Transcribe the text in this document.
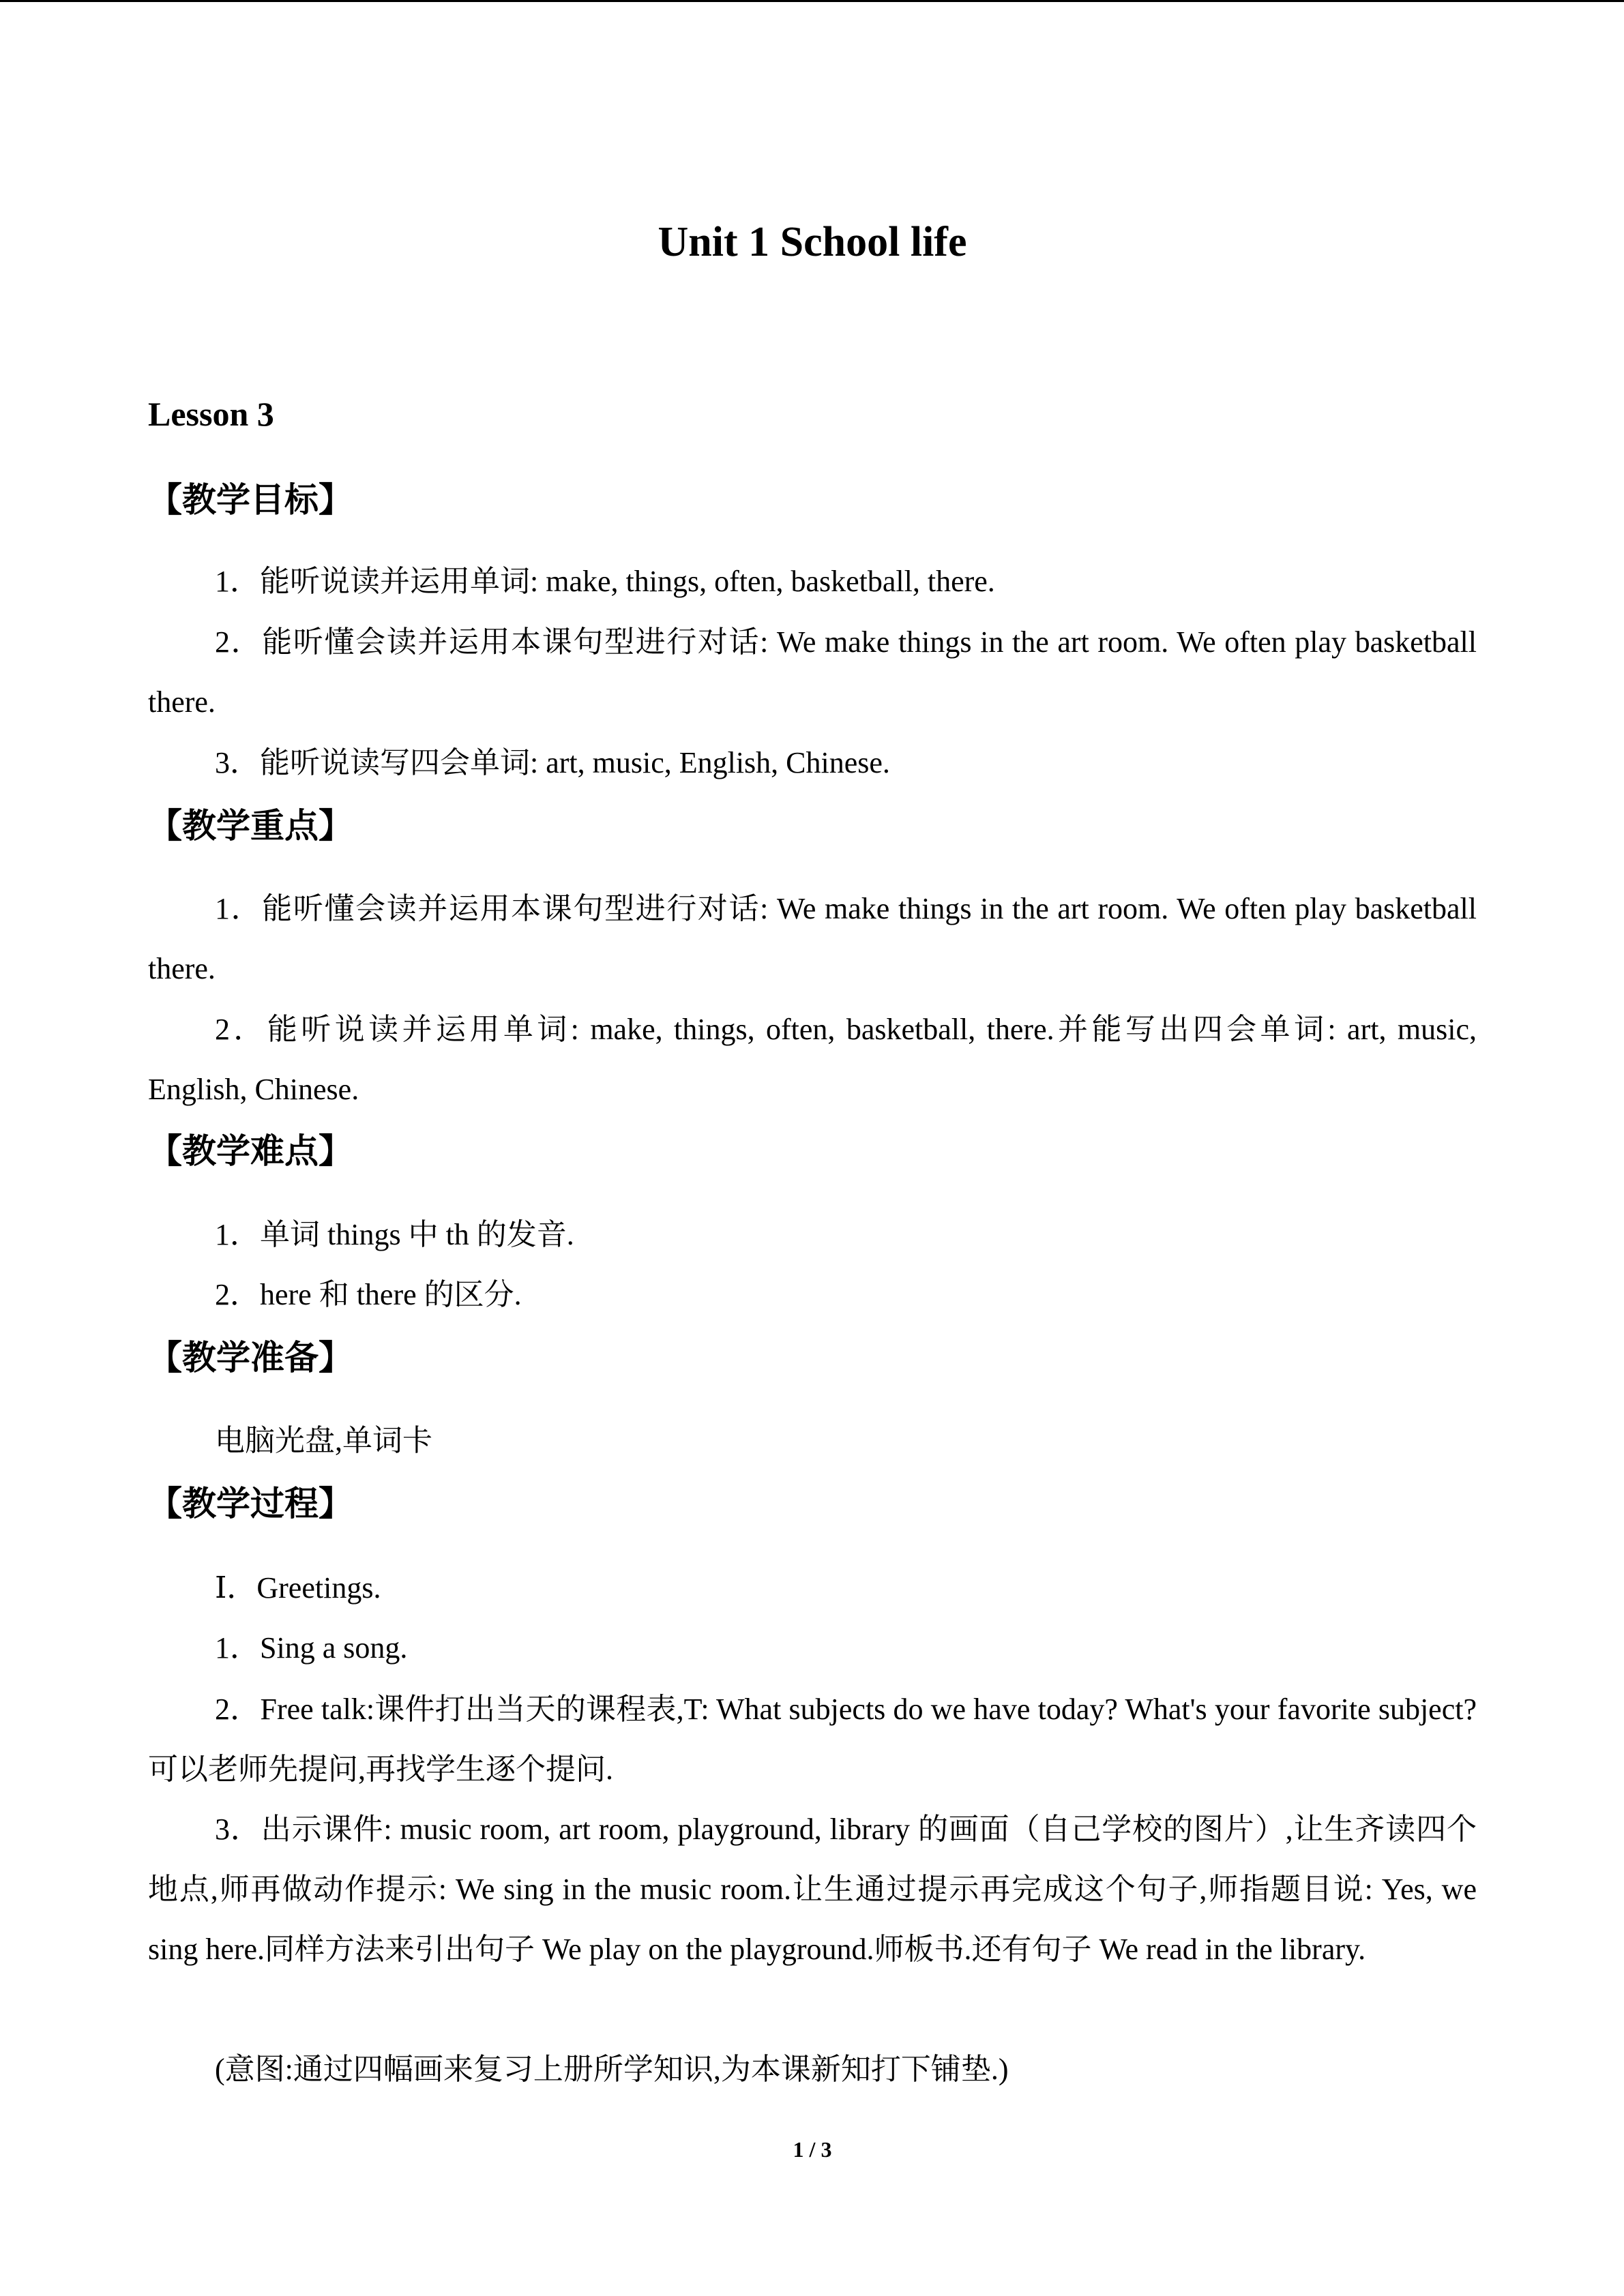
Unit 1 School life
Lesson 3
【教学目标】
1．能听说读并运用单词: make, things, often, basketball, there.
2．能听懂会读并运用本课句型进行对话: We make things in the art room. We often play basketball there.
3．能听说读写四会单词: art, music, English, Chinese.
【教学重点】
1．能听懂会读并运用本课句型进行对话: We make things in the art room. We often play basketball there.
2．能听说读并运用单词: make, things, often, basketball, there.并能写出四会单词: art, music, English, Chinese.
【教学难点】
1．单词 things 中 th 的发音.
2．here 和 there 的区分.
【教学准备】
电脑光盘,单词卡
【教学过程】
Ⅰ．Greetings.
1．Sing a song.
2．Free talk:课件打出当天的课程表,T: What subjects do we have today? What's your favorite subject? 可以老师先提问,再找学生逐个提问.
3．出示课件: music room, art room, playground, library 的画面（自己学校的图片）,让生齐读四个地点,师再做动作提示: We sing in the music room.让生通过提示再完成这个句子,师指题目说: Yes, we sing here.同样方法来引出句子 We play on the playground.师板书.还有句子 We read in the library.
(意图:通过四幅画来复习上册所学知识,为本课新知打下铺垫.)
1 / 3
